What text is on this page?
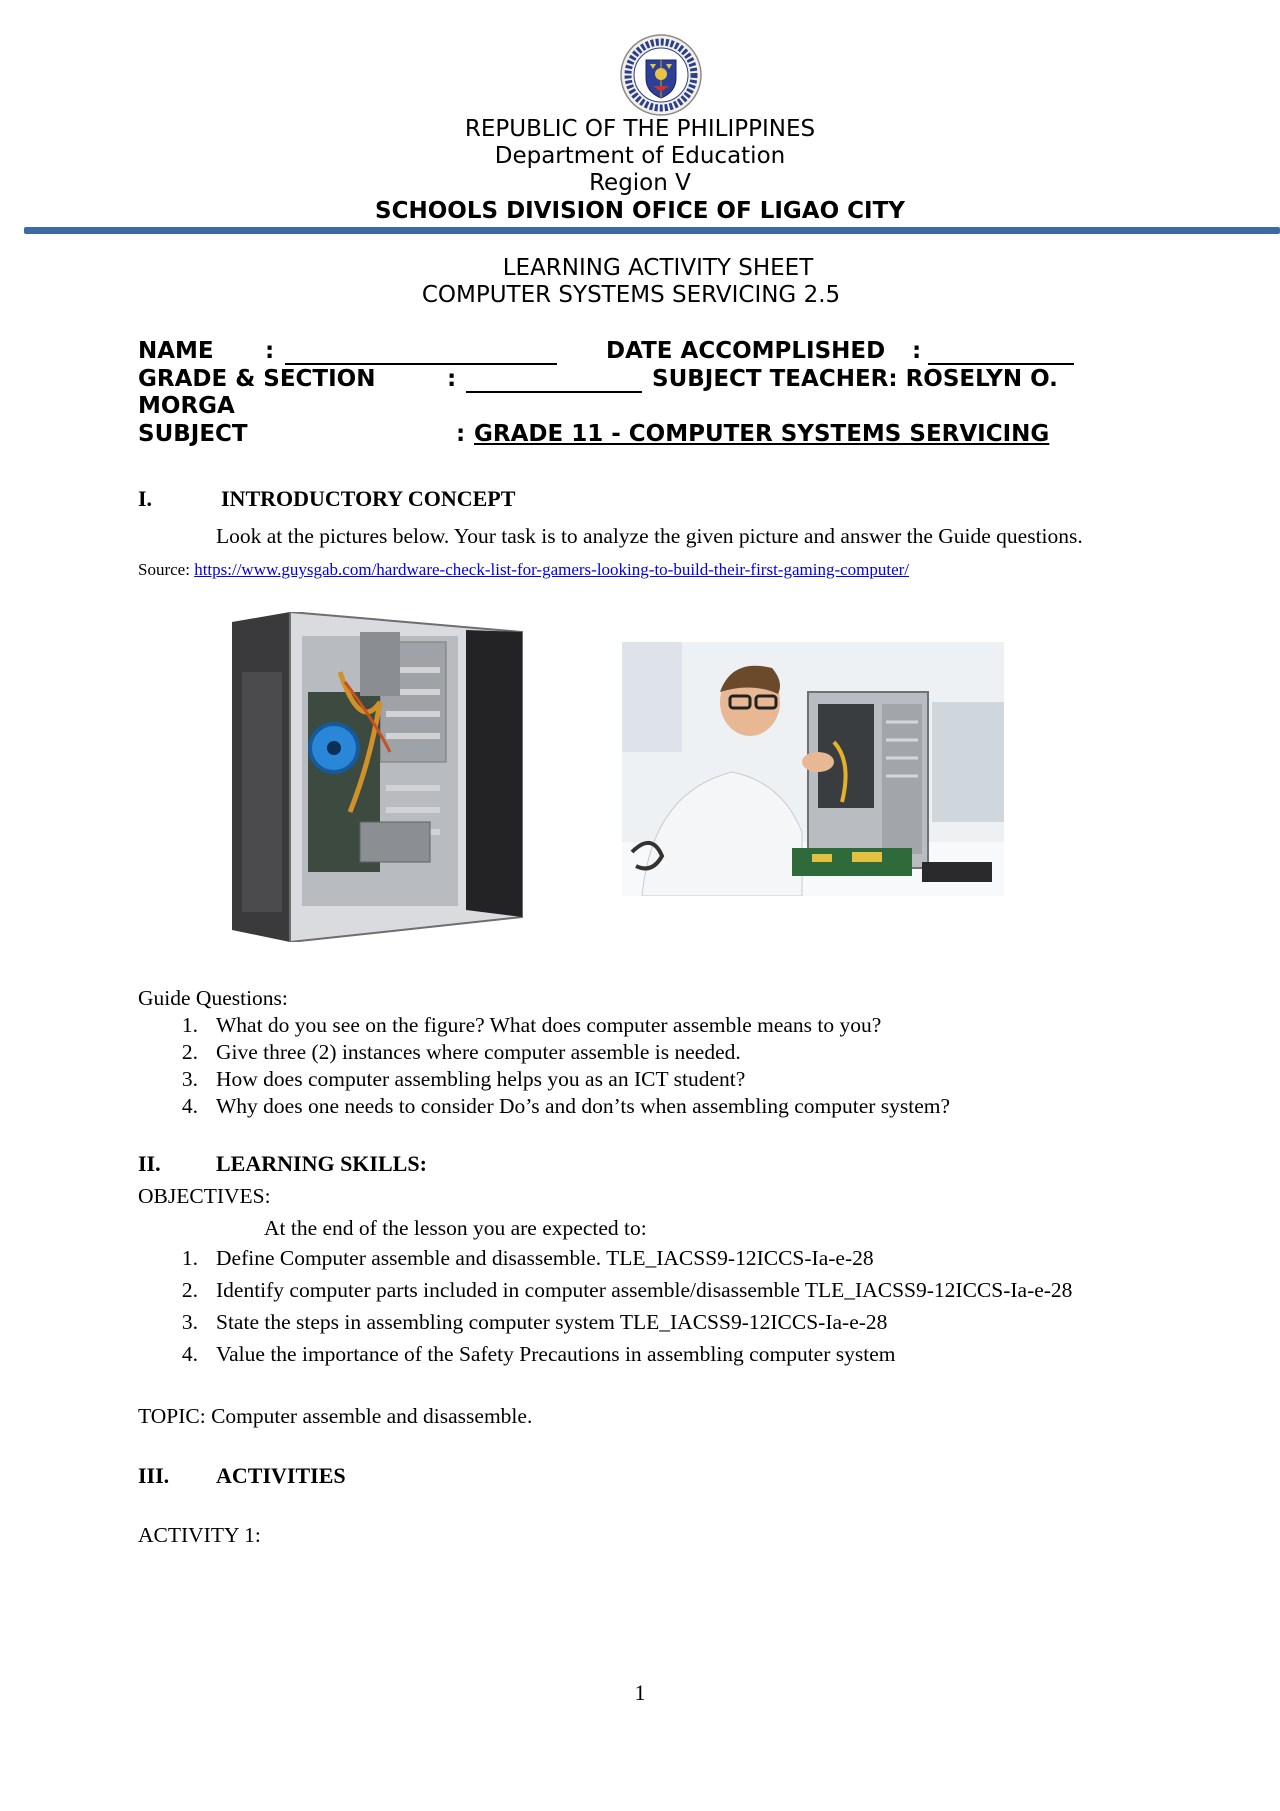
REPUBLIC OF THE PHILIPPINES
Department of Education
Region V
SCHOOLS DIVISION OFICE OF LIGAO CITY
LEARNING ACTIVITY SHEET
COMPUTER SYSTEMS SERVICING 2.5
NAME :	DATE ACCOMPLISHED :
GRADE & SECTION	:	SUBJECT TEACHER: ROSELYN O.
MORGA
SUBJECT	: GRADE 11 - COMPUTER SYSTEMS SERVICING
I.	INTRODUCTORY CONCEPT
Look at the pictures below. Your task is to analyze the given picture and answer the Guide questions.
Source: https://www.guysgab.com/hardware-check-list-for-gamers-looking-to-build-their-first-gaming-computer/
Guide Questions:
1. What do you see on the figure? What does computer assemble means to you?
2. Give three (2) instances where computer assemble is needed.
3. How does computer assembling helps you as an ICT student?
4. Why does one needs to consider Do’s and don’ts when assembling computer system?
II.	LEARNING SKILLS:
OBJECTIVES:
At the end of the lesson you are expected to:
1. Define Computer assemble and disassemble. TLE_IACSS9-12ICCS-Ia-e-28
2. Identify computer parts included in computer assemble/disassemble TLE_IACSS9-12ICCS-Ia-e-28
3. State the steps in assembling computer system TLE_IACSS9-12ICCS-Ia-e-28
4. Value the importance of the Safety Precautions in assembling computer system
TOPIC: Computer assemble and disassemble.
III. ACTIVITIES
ACTIVITY 1:
1
